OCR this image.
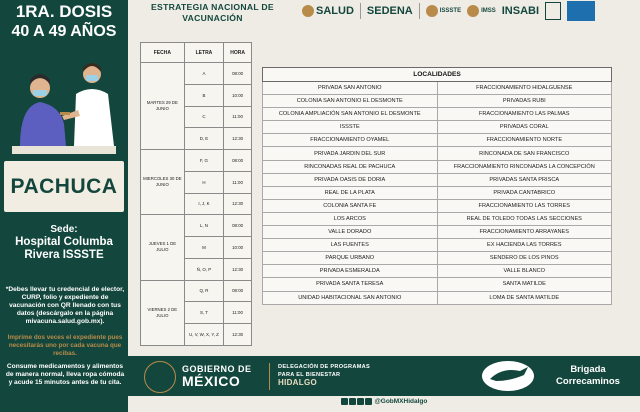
1RA. DOSIS
40 A 49 AÑOS
PACHUCA
Sede:
Hospital Columba
Rivera ISSSTE
*Debes llevar tu credencial de elector, CURP, folio y expediente de vacunación con QR llenado con tus datos (descárgalo en la página mivacuna.salud.gob.mx).
Imprime dos veces el expediente pues necesitarás uno por cada vacuna que recibas.
Consume medicamentos y alimentos de manera normal, lleva ropa cómoda y acude 15 minutos antes de tu cita.
ESTRATEGIA NACIONAL DE VACUNACIÓN
SALUD SEDENA	ISSSTE	IMSS INSABI
FECHA	LETRA	HORA
MARTES 29 DE JUNIO	A	08:00
	B	10:00
	C	11:00
	D, E	12:30
MIERCOLES 30 DE JUNIO	F, G	08:00
	H	11:00
	I, J, K	12:30
JUEVES 1 DE JULIO	L, N	08:00
	M	10:00
	Ñ, O, P	12:30
VIERNES 2 DE JULIO	Q, R	08:00
	S, T	11:00
	U, V, W, X, Y, Z	12:30
LOCALIDADES	
PRIVADA SAN ANTONIO	FRACCIONAMIENTO HIDALGUENSE
COLONIA SAN ANTONIO EL DESMONTE	PRIVADAS RUBI
COLONIA AMPLIACIÓN SAN ANTONIO EL DESMONTE	FRACCIONAMIENTO LAS PALMAS
ISSSTE	PRIVADAS CORAL
FRACCIONAMIENTO OYAMEL	FRACCIONAMIENTO NORTE
PRIVADA JARDIN DEL SUR	RINCONADA DE SAN FRANCISCO
RINCONADAS REAL DE PACHUCA	FRACCIONAMIENTO RINCONADAS LA CONCEPCIÓN
PRIVADA OASIS DE DORIA	PRIVADAS SANTA PRISCA
REAL DE LA PLATA	PRIVADA CANTABRICO
COLONIA SANTA FE	FRACCIONAMIENTO LAS TORRES
LOS ARCOS	REAL DE TOLEDO TODAS LAS SECCIONES
VALLE DORADO	FRACCIONAMIENTO ARRAYANES
LAS FUENTES	EX HACIENDA LAS TORRES
PARQUE URBANO	SENDERO DE LOS PINOS
PRIVADA ESMERALDA	VALLE BLANCO
PRIVADA SANTA TERESA	SANTA MATILDE
UNIDAD HABITACIONAL SAN ANTONIO	LOMA DE SANTA MATILDE
GOBIERNO DE
MÉXICO
DELEGACIÓN DE PROGRAMAS
PARA EL BIENESTAR
HIDALGO
Brigada
Correcaminos
@GobMXHidalgo
